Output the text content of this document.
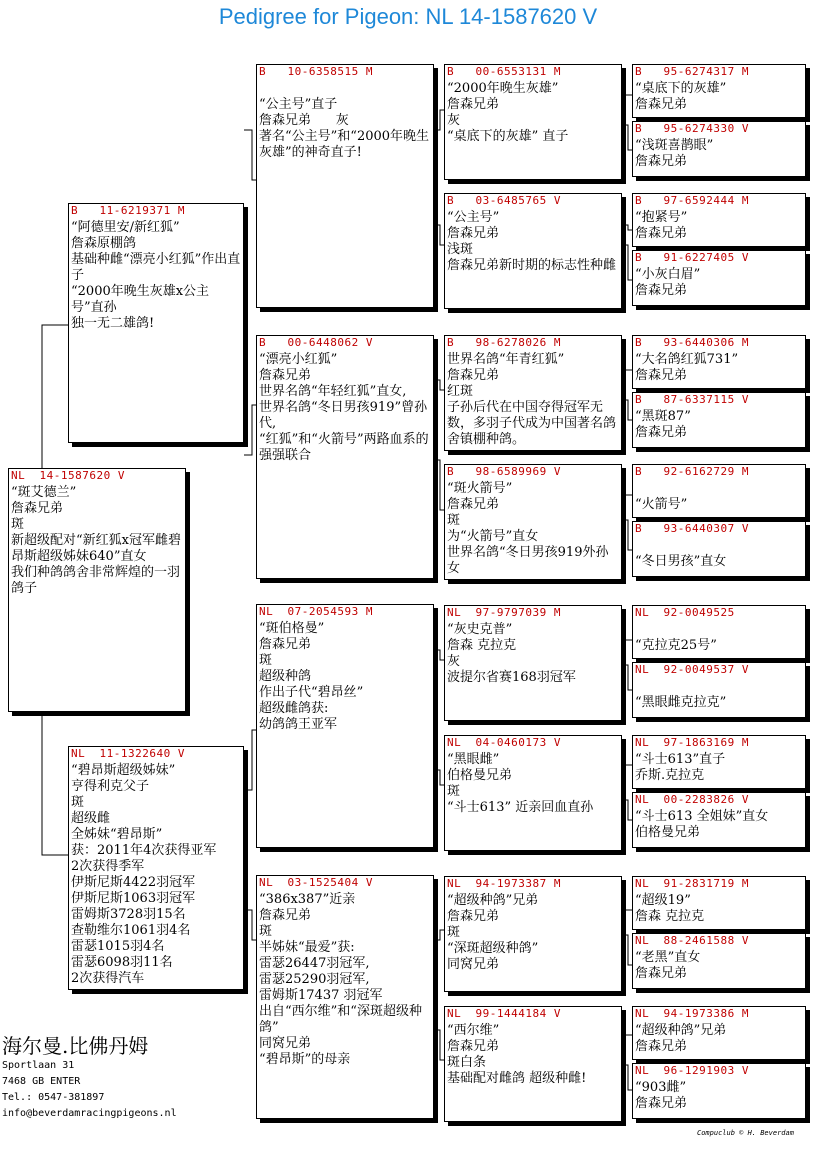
Pedigree for Pigeon: NL 14-1587620 V
NL  14-1587620 V
“斑艾德兰”
詹森兄弟
斑
新超级配对“新红狐x冠军雌碧昂斯超级姊妹640”直女
我们种鸽鸽舍非常辉煌的一羽鸽子
B   11-6219371 M
“阿德里安/新红狐”
詹森原棚鸽
基础种雌“漂亮小红狐”作出直子
“2000年晚生灰雄x公主号”直孙
独一无二雄鸽!
NL  11-1322640 V
“碧昂斯超级姊妹”
亨得利克父子
斑
超级雌
全姊妹“碧昂斯”
获：2011年4次获得亚军
2次获得季军
伊斯尼斯4422羽冠军
伊斯尼斯1063羽冠军
雷姆斯3728羽15名
查勒维尔1061羽4名
雷瑟1015羽4名
雷瑟6098羽11名
2次获得汽车
B   10-6358515 M

“公主号”直子
詹森兄弟      灰
著名“公主号”和“2000年晚生灰雄”的神奇直子!
B   00-6448062 V
“漂亮小红狐”
詹森兄弟
世界名鸽“年轻红狐”直女,
世界名鸽“冬日男孩919”曾孙代,
“红狐”和“火箭号”两路血系的强强联合
NL  07-2054593 M
“斑伯格曼”
詹森兄弟
斑
超级种鸽
作出子代“碧昂丝”
超级雌鸽获:
幼鸽鸽王亚军
NL  03-1525404 V
“386x387”近亲
詹森兄弟
斑
半姊妹“最爱”获:
雷瑟26447羽冠军,
雷瑟25290羽冠军,
雷姆斯17437 羽冠军
出自“西尔维”和“深斑超级种鸽”
同窝兄弟
“碧昂斯”的母亲
B   00-6553131 M
“2000年晚生灰雄”
詹森兄弟
灰
“桌底下的灰雄” 直子
B   03-6485765 V
“公主号”
詹森兄弟
浅斑
詹森兄弟新时期的标志性种雌
B   98-6278026 M
世界名鸽“年青红狐”
詹森兄弟
红斑
子孙后代在中国夺得冠军无数，多羽子代成为中国著名鸽舍镇棚种鸽。
B   98-6589969 V
“斑火箭号”
詹森兄弟
斑
为“火箭号”直女
世界名鸽“冬日男孩919外孙女
NL  97-9797039 M
“灰史克普”
詹森 克拉克
灰
波提尔省赛168羽冠军
NL  04-0460173 V
“黑眼雌”
伯格曼兄弟
斑
“斗士613” 近亲回血直孙
NL  94-1973387 M
“超级种鸽”兄弟
詹森兄弟
斑
“深斑超级种鸽”
同窝兄弟
NL  99-1444184 V
“西尔维”
詹森兄弟
斑白条
基础配对雌鸽 超级种雌!
B   95-6274317 M
“桌底下的灰雄”
詹森兄弟
B   95-6274330 V
“浅斑喜鹊眼”
詹森兄弟
B   97-6592444 M
“抱紧号”
詹森兄弟
B   91-6227405 V
“小灰白眉”
詹森兄弟
B   93-6440306 M
“大名鸽红狐731”
詹森兄弟
B   87-6337115 V
“黑斑87”
詹森兄弟
B   92-6162729 M

“火箭号”
B   93-6440307 V

“冬日男孩”直女
NL  92-0049525

“克拉克25号”
NL  92-0049537 V

“黑眼雌克拉克”
NL  97-1863169 M
“斗士613”直子
乔斯.克拉克
NL  00-2283826 V
“斗士613 全姐妹”直女
伯格曼兄弟
NL  91-2831719 M
“超级19”
詹森 克拉克
NL  88-2461588 V
“老黑”直女
詹森兄弟
NL  94-1973386 M
“超级种鸽”兄弟
詹森兄弟
NL  96-1291903 V
“903雌”
詹森兄弟
海尔曼.比佛丹姆
Sportlaan 31
7468 GB ENTER
Tel.: 0547-381897
info@beverdamracingpigeons.nl
Compuclub © H. Beverdam
